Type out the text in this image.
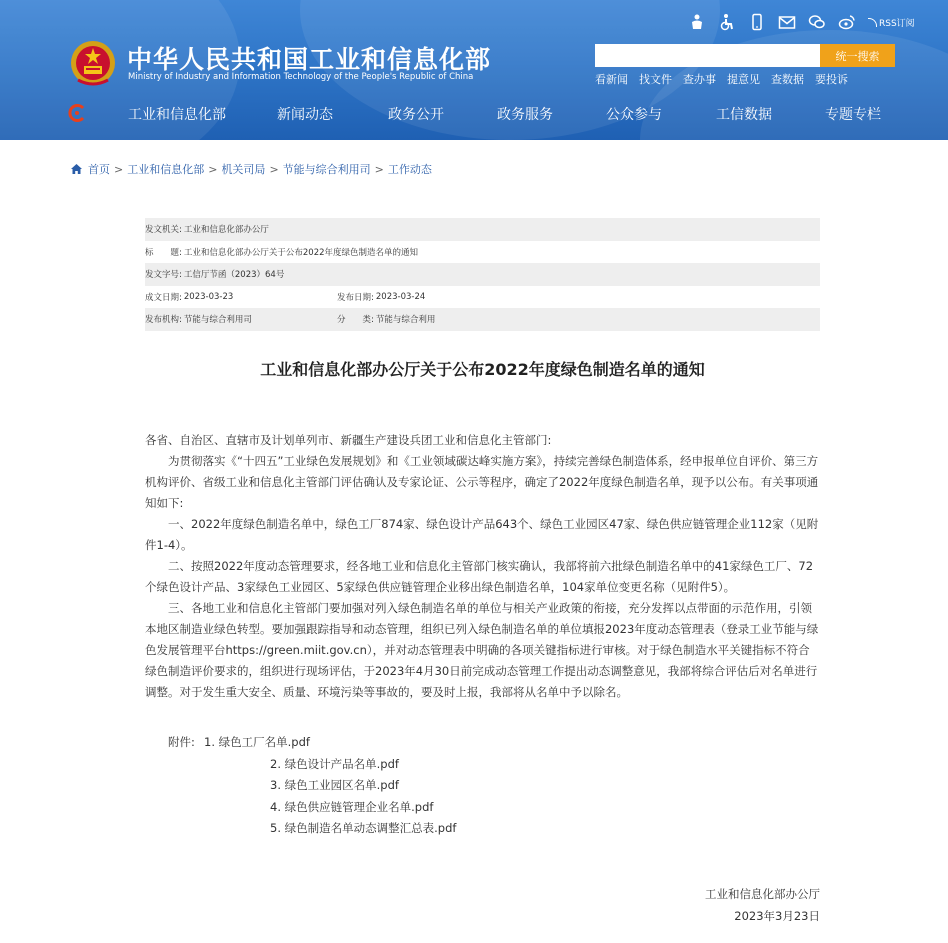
RSS订阅
中华人民共和国工业和信息化部
Ministry of Industry and Information Technology of the People's Republic of China
统一搜索
看新闻 找文件 查办事 提意见 查数据 要投诉
工业和信息化部	新闻动态	政务公开	政务服务	公众参与	工信数据	专题专栏
首页 > 工业和信息化部 > 机关司局 > 节能与综合利用司 > 工作动态
发文机关: 工业和信息化部办公厅
标　　题: 工业和信息化部办公厅关于公布2022年度绿色制造名单的通知
发文字号: 工信厅节函（2023）64号
成文日期: 2023-03-23	发布日期: 2023-03-24
发布机构: 节能与综合利用司	分　　类: 节能与综合利用
工业和信息化部办公厅关于公布2022年度绿色制造名单的通知

各省、自治区、直辖市及计划单列市、新疆生产建设兵团工业和信息化主管部门:

为贯彻落实《“十四五”工业绿色发展规划》和《工业领域碳达峰实施方案》，持续完善绿色制造体系，经申报单位自评价、第三方机构评价、省级工业和信息化主管部门评估确认及专家论证、公示等程序，确定了2022年度绿色制造名单，现予以公布。有关事项通知如下:

一、2022年度绿色制造名单中，绿色工厂874家、绿色设计产品643个、绿色工业园区47家、绿色供应链管理企业112家（见附件1-4）。

二、按照2022年度动态管理要求，经各地工业和信息化主管部门核实确认，我部将前六批绿色制造名单中的41家绿色工厂、72个绿色设计产品、3家绿色工业园区、5家绿色供应链管理企业移出绿色制造名单，104家单位变更名称（见附件5）。

三、各地工业和信息化主管部门要加强对列入绿色制造名单的单位与相关产业政策的衔接，充分发挥以点带面的示范作用，引领本地区制造业绿色转型。要加强跟踪指导和动态管理，组织已列入绿色制造名单的单位填报2023年度动态管理表（登录工业节能与绿色发展管理平台https://green.miit.gov.cn），并对动态管理表中明确的各项关键指标进行审核。对于绿色制造水平关键指标不符合绿色制造评价要求的，组织进行现场评估，于2023年4月30日前完成动态管理工作提出动态调整意见，我部将综合评估后对名单进行调整。对于发生重大安全、质量、环境污染等事故的，要及时上报，我部将从名单中予以除名。

附件: 1. 绿色工厂名单.pdf
2. 绿色设计产品名单.pdf
3. 绿色工业园区名单.pdf
4. 绿色供应链管理企业名单.pdf
5. 绿色制造名单动态调整汇总表.pdf
工业和信息化部办公厅
2023年3月23日
